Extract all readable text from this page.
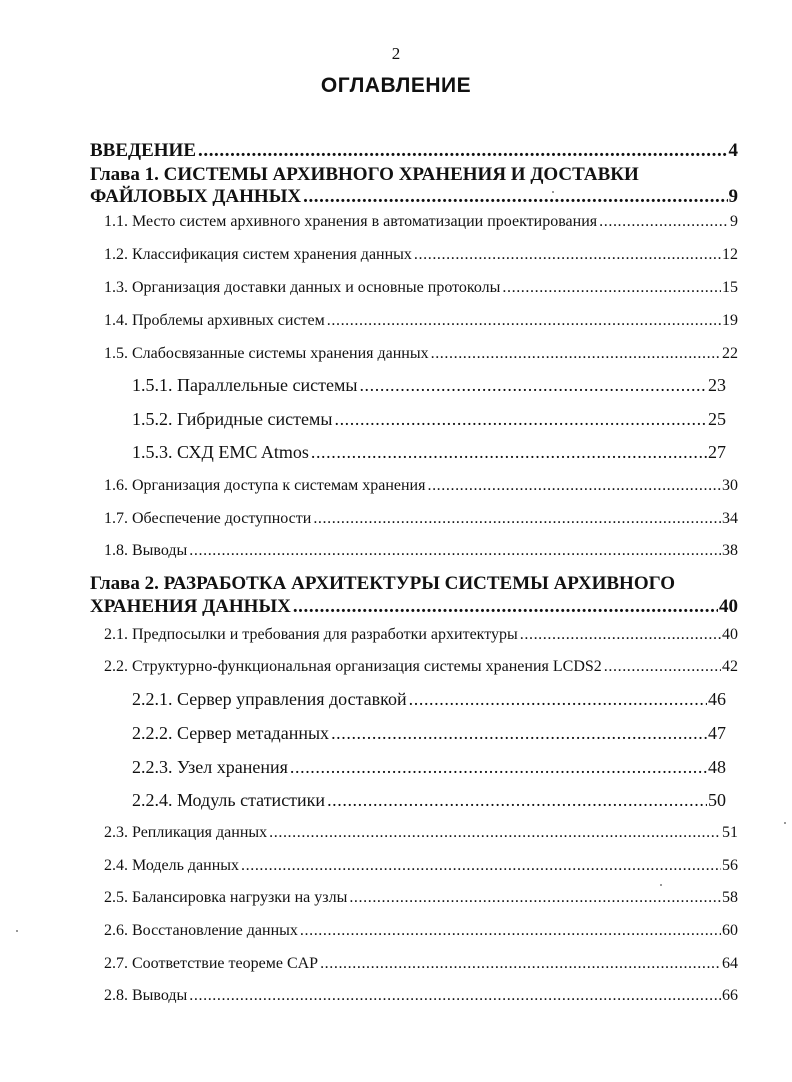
2
ОГЛАВЛЕНИЕ
ВВЕДЕНИЕ .....	4
Глава 1. СИСТЕМЫ АРХИВНОГО ХРАНЕНИЯ И ДОСТАВКИ
ФАЙЛОВЫХ ДАННЫХ .....	9
1.1. Место систем архивного хранения в автоматизации проектирования .....	9
1.2. Классификация систем хранения данных .....	12
1.3. Организация доставки данных и основные протоколы .....	15
1.4. Проблемы архивных систем .....	19
1.5. Слабосвязанные системы хранения данных .....	22
1.5.1. Параллельные системы .....	23
1.5.2. Гибридные системы .....	25
1.5.3. СХД EMC Atmos .....	27
1.6. Организация доступа к системам хранения .....	30
1.7. Обеспечение доступности .....	34
1.8. Выводы .....	38
Глава 2. РАЗРАБОТКА АРХИТЕКТУРЫ СИСТЕМЫ АРХИВНОГО
ХРАНЕНИЯ ДАННЫХ .....	40
2.1. Предпосылки и требования для разработки архитектуры .....	40
2.2. Структурно-функциональная организация системы хранения LCDS2 .....	42
2.2.1. Сервер управления доставкой .....	46
2.2.2. Сервер метаданных .....	47
2.2.3. Узел хранения .....	48
2.2.4. Модуль статистики .....	50
2.3. Репликация данных .....	51
2.4. Модель данных .....	56
2.5. Балансировка нагрузки на узлы .....	58
2.6. Восстановление данных .....	60
2.7. Соответствие теореме CAP .....	64
2.8. Выводы .....	66
